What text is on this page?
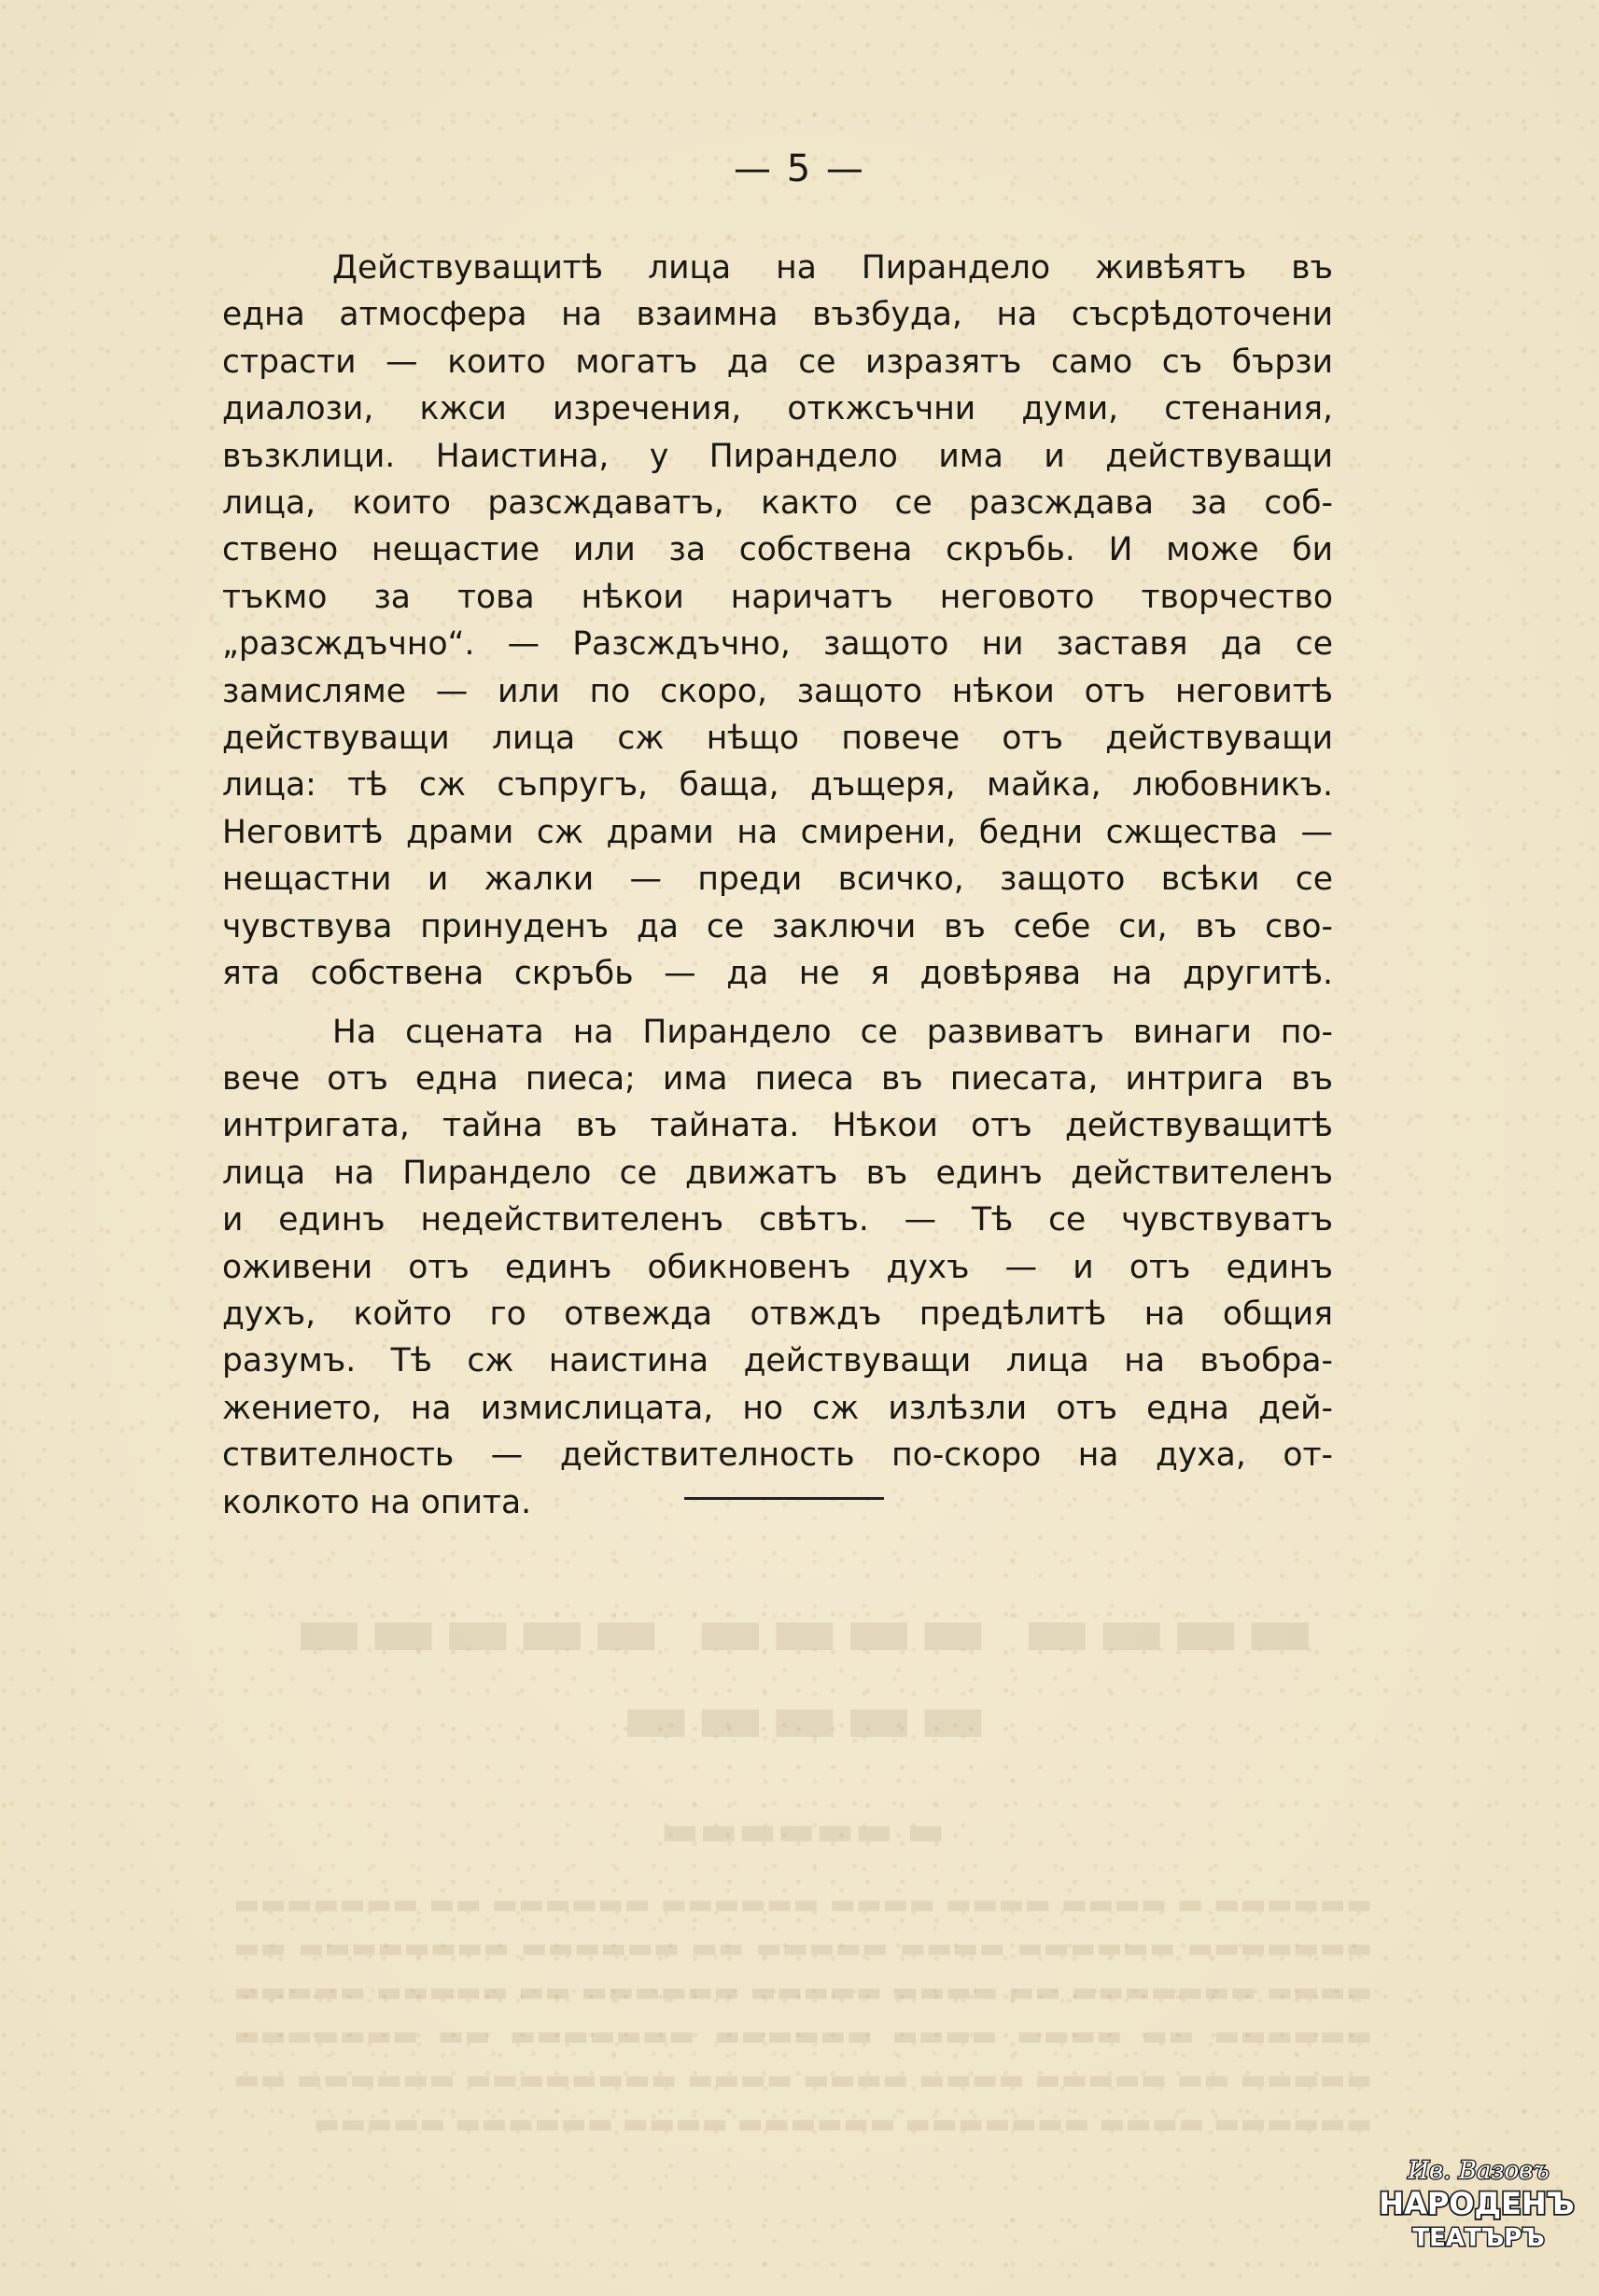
— 5 —

Действуващитѣ лица на Пирандело живѣятъ въ
една атмосфера на взаимна възбуда, на съсрѣдоточени
страсти — които могатъ да се изразятъ само съ бързи
диалози, кжси изречения, откжсъчни думи, стенания,
възклици. Наистина, у Пирандело има и действуващи
лица, които разсждаватъ, както се разсждава за соб-
ствено нещастие или за собствена скръбь. И може би
тъкмо за това нѣкои наричатъ неговото творчество
„разсждъчно“. — Разсждъчно, защото ни заставя да се
замисляме — или по скоро, защото нѣкои отъ неговитѣ
действуващи лица сж нѣщо повече отъ действуващи
лица: тѣ сж съпругъ, баща, дъщеря, майка, любовникъ.
Неговитѣ драми сж драми на смирени, бедни сжщества —
нещастни и жалки — преди всичко, защото всѣки се
чувствува принуденъ да се заключи въ себе си, въ сво-
ята собствена скръбь — да не я довѣрява на другитѣ.

На сцената на Пирандело се развиватъ винаги по-
вече отъ една пиеса; има пиеса въ пиесата, интрига въ
интригата, тайна въ тайната. Нѣкои отъ действуващитѣ
лица на Пирандело се движатъ въ единъ действителенъ
и единъ недействителенъ свѣтъ. — Тѣ се чувствуватъ
оживени отъ единъ обикновенъ духъ — и отъ единъ
духъ, който го отвежда отвждъ предѣлитѣ на общия
разумъ. Тѣ сж наистина действуващи лица на въобра-
жението, на измислицата, но сж излѣзли отъ една дей-
ствителность — действителность по-скоро на духа, от-
колкото на опита.

▬▬▬▬ ▬▬▬▬ ▬▬▬▬▬ ▬▬▬▬▬
▬ ▬▬▬▬▬▬
▬▬▬▬▬▬ ▬ ▬▬▬▬ ▬▬▬▬ ▬▬▬▬ ▬▬▬▬▬▬ ▬▬▬▬▬▬ ▬▬ ▬▬▬▬▬▬▬ ▬▬▬▬▬▬▬ ▬▬▬▬▬▬ ▬▬▬▬ ▬▬▬▬▬ ▬▬ ▬▬▬▬▬▬ ▬▬▬▬▬▬▬▬ ▬▬ ▬▬▬▬ ▬▬▬▬▬▬▬ ▬▬ ▬▬▬▬ ▬▬▬▬▬ ▬▬▬▬▬▬ ▬▬ ▬▬▬▬▬ ▬▬▬▬▬ ▬▬▬▬▬▬ ▬▬ ▬▬▬▬ ▬▬▬▬ ▬▬▬▬▬▬ ▬▬▬▬▬▬▬ ▬▬ ▬▬▬▬▬▬▬ ▬▬▬▬▬ ▬▬ ▬▬▬▬▬ ▬▬▬▬ ▬▬▬▬ ▬▬▬▬ ▬▬▬▬▬▬▬▬ ▬▬▬▬▬▬ ▬▬ ▬▬▬▬▬▬ ▬▬▬▬ ▬▬▬▬▬▬▬ ▬▬▬▬▬▬ ▬▬▬▬ ▬▬▬▬▬▬ ▬▬▬▬▬
Ив. Вазовъ
НАРОДЕНЪ
ТЕАТЪРЪ
